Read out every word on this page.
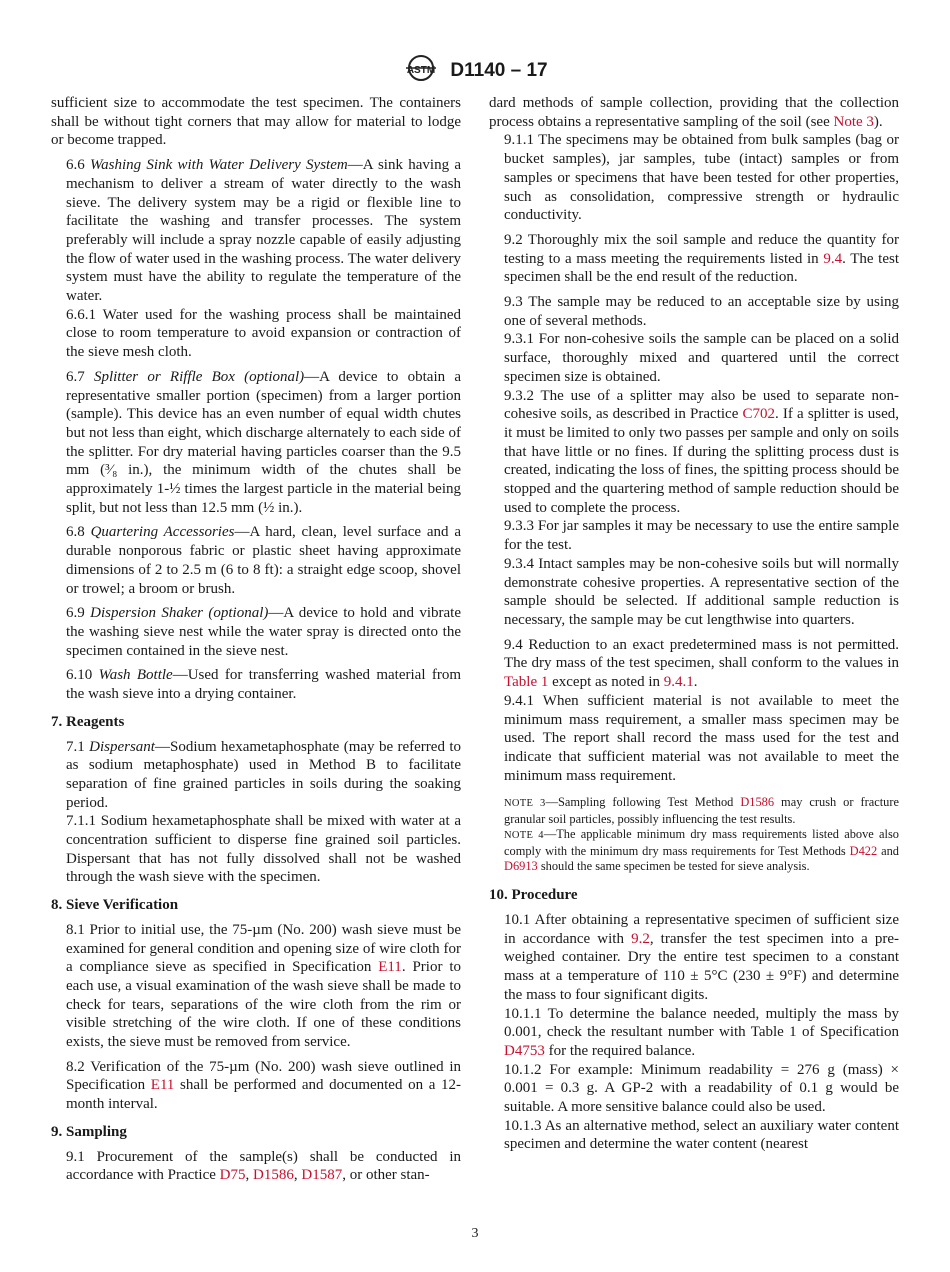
ASTM D1140 – 17

sufficient size to accommodate the test specimen. The containers shall be without tight corners that may allow for material to lodge or become trapped.

6.6 Washing Sink with Water Delivery System—A sink having a mechanism to deliver a stream of water directly to the wash sieve. The delivery system may be a rigid or flexible line to facilitate the washing and transfer processes. The system preferably will include a spray nozzle capable of easily adjusting the flow of water used in the washing process. The water delivery system must have the ability to regulate the temperature of the water.

6.6.1 Water used for the washing process shall be maintained close to room temperature to avoid expansion or contraction of the sieve mesh cloth.

6.7 Splitter or Riffle Box (optional)—A device to obtain a representative smaller portion (specimen) from a larger portion (sample). This device has an even number of equal width chutes but not less than eight, which discharge alternately to each side of the splitter. For dry material having particles coarser than the 9.5 mm (³⁄₈ in.), the minimum width of the chutes shall be approximately 1-½ times the largest particle in the material being split, but not less than 12.5 mm (½ in.).

6.8 Quartering Accessories—A hard, clean, level surface and a durable nonporous fabric or plastic sheet having approximate dimensions of 2 to 2.5 m (6 to 8 ft): a straight edge scoop, shovel or trowel; a broom or brush.

6.9 Dispersion Shaker (optional)—A device to hold and vibrate the washing sieve nest while the water spray is directed onto the specimen contained in the sieve nest.

6.10 Wash Bottle—Used for transferring washed material from the wash sieve into a drying container.

7. Reagents

7.1 Dispersant—Sodium hexametaphosphate (may be referred to as sodium metaphosphate) used in Method B to facilitate separation of fine grained particles in soils during the soaking period.

7.1.1 Sodium hexametaphosphate shall be mixed with water at a concentration sufficient to disperse fine grained soil particles. Dispersant that has not fully dissolved shall not be washed through the wash sieve with the specimen.

8. Sieve Verification

8.1 Prior to initial use, the 75-µm (No. 200) wash sieve must be examined for general condition and opening size of wire cloth for a compliance sieve as specified in Specification E11. Prior to each use, a visual examination of the wash sieve shall be made to check for tears, separations of the wire cloth from the rim or visible stretching of the wire cloth. If one of these conditions exists, the sieve must be removed from service.

8.2 Verification of the 75-µm (No. 200) wash sieve outlined in Specification E11 shall be performed and documented on a 12-month interval.

9. Sampling

9.1 Procurement of the sample(s) shall be conducted in accordance with Practice D75, D1586, D1587, or other stan-

dard methods of sample collection, providing that the collection process obtains a representative sampling of the soil (see Note 3).

9.1.1 The specimens may be obtained from bulk samples (bag or bucket samples), jar samples, tube (intact) samples or from samples or specimens that have been tested for other properties, such as consolidation, compressive strength or hydraulic conductivity.

9.2 Thoroughly mix the soil sample and reduce the quantity for testing to a mass meeting the requirements listed in 9.4. The test specimen shall be the end result of the reduction.

9.3 The sample may be reduced to an acceptable size by using one of several methods.

9.3.1 For non-cohesive soils the sample can be placed on a solid surface, thoroughly mixed and quartered until the correct specimen size is obtained.

9.3.2 The use of a splitter may also be used to separate non-cohesive soils, as described in Practice C702. If a splitter is used, it must be limited to only two passes per sample and only on soils that have little or no fines. If during the splitting process dust is created, indicating the loss of fines, the spitting process should be stopped and the quartering method of sample reduction should be used to complete the process.

9.3.3 For jar samples it may be necessary to use the entire sample for the test.

9.3.4 Intact samples may be non-cohesive soils but will normally demonstrate cohesive properties. A representative section of the sample should be selected. If additional sample reduction is necessary, the sample may be cut lengthwise into quarters.

9.4 Reduction to an exact predetermined mass is not permitted. The dry mass of the test specimen, shall conform to the values in Table 1 except as noted in 9.4.1.

9.4.1 When sufficient material is not available to meet the minimum mass requirement, a smaller mass specimen may be used. The report shall record the mass used for the test and indicate that sufficient material was not available to meet the minimum mass requirement.

NOTE 3—Sampling following Test Method D1586 may crush or fracture granular soil particles, possibly influencing the test results.

NOTE 4—The applicable minimum dry mass requirements listed above also comply with the minimum dry mass requirements for Test Methods D422 and D6913 should the same specimen be tested for sieve analysis.

10. Procedure

10.1 After obtaining a representative specimen of sufficient size in accordance with 9.2, transfer the test specimen into a pre-weighed container. Dry the entire test specimen to a constant mass at a temperature of 110 ± 5°C (230 ± 9°F) and determine the mass to four significant digits.

10.1.1 To determine the balance needed, multiply the mass by 0.001, check the resultant number with Table 1 of Specification D4753 for the required balance.

10.1.2 For example: Minimum readability = 276 g (mass) × 0.001 = 0.3 g. A GP-2 with a readability of 0.1 g would be suitable. A more sensitive balance could also be used.

10.1.3 As an alternative method, select an auxiliary water content specimen and determine the water content (nearest

3
